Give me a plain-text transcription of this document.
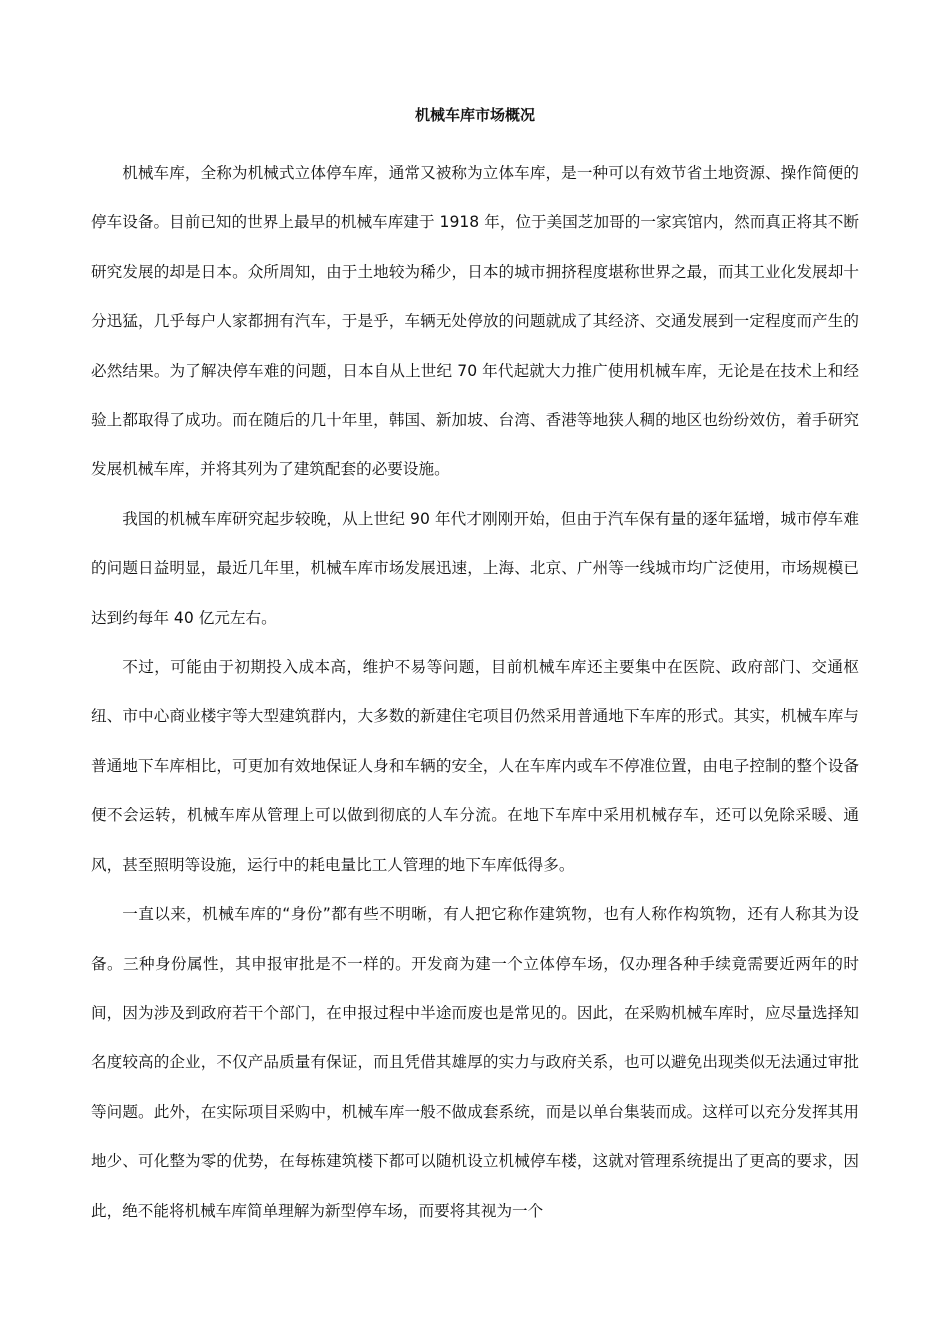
机械车库市场概况

机械车库，全称为机械式立体停车库，通常又被称为立体车库，是一种可以有效节省土地资源、操作简便的停车设备。目前已知的世界上最早的机械车库建于 1918 年，位于美国芝加哥的一家宾馆内，然而真正将其不断研究发展的却是日本。众所周知，由于土地较为稀少，日本的城市拥挤程度堪称世界之最，而其工业化发展却十分迅猛，几乎每户人家都拥有汽车，于是乎，车辆无处停放的问题就成了其经济、交通发展到一定程度而产生的必然结果。为了解决停车难的问题，日本自从上世纪 70 年代起就大力推广使用机械车库，无论是在技术上和经验上都取得了成功。而在随后的几十年里，韩国、新加坡、台湾、香港等地狭人稠的地区也纷纷效仿，着手研究发展机械车库，并将其列为了建筑配套的必要设施。

我国的机械车库研究起步较晚，从上世纪 90 年代才刚刚开始，但由于汽车保有量的逐年猛增，城市停车难的问题日益明显，最近几年里，机械车库市场发展迅速，上海、北京、广州等一线城市均广泛使用，市场规模已达到约每年 40 亿元左右。

不过，可能由于初期投入成本高，维护不易等问题，目前机械车库还主要集中在医院、政府部门、交通枢纽、市中心商业楼宇等大型建筑群内，大多数的新建住宅项目仍然采用普通地下车库的形式。其实，机械车库与普通地下车库相比，可更加有效地保证人身和车辆的安全，人在车库内或车不停准位置，由电子控制的整个设备便不会运转，机械车库从管理上可以做到彻底的人车分流。在地下车库中采用机械存车，还可以免除采暖、通风，甚至照明等设施，运行中的耗电量比工人管理的地下车库低得多。

一直以来，机械车库的“身份”都有些不明晰，有人把它称作建筑物，也有人称作构筑物，还有人称其为设备。三种身份属性，其申报审批是不一样的。开发商为建一个立体停车场，仅办理各种手续竟需要近两年的时间，因为涉及到政府若干个部门，在申报过程中半途而废也是常见的。因此，在采购机械车库时，应尽量选择知名度较高的企业，不仅产品质量有保证，而且凭借其雄厚的实力与政府关系，也可以避免出现类似无法通过审批等问题。此外，在实际项目采购中，机械车库一般不做成套系统，而是以单台集装而成。这样可以充分发挥其用地少、可化整为零的优势，在每栋建筑楼下都可以随机设立机械停车楼，这就对管理系统提出了更高的要求，因此，绝不能将机械车库简单理解为新型停车场，而要将其视为一个
